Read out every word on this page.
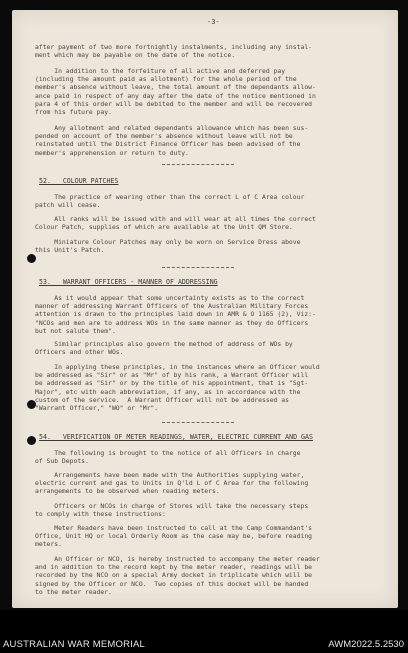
-3-
after payment of two more fortnightly instalments, including any instal-
ment which may be payable on the date of the notice.
In addition to the forfeiture of all active and deferred pay
(including the amount paid as allotment) for the whole period of the
member's absence without leave, the total amount of the dependants allow-
ance paid in respect of any day after the date of the notice mentioned in
para 4 of this order will be debited to the member and will be recovered
from his future pay.
Any allotment and related dependants allowance which has been sus-
pended on account of the member's absence without leave will not be
reinstated until the District Finance Officer has been advised of the
member's apprehension or return to duty.
52.   COLOUR PATCHES
The practice of wearing other than the correct L of C Area colour
patch will cease.
All ranks will be issued with and will wear at all times the correct
Colour Patch, supplies of which are available at the Unit QM Store.
Miniature Colour Patches may only be worn on Service Dress above
this Unit's Patch.
53.   WARRANT OFFICERS - MANNER OF ADDRESSING
As it would appear that some uncertainty exists as to the correct
manner of addressing Warrant Officers of the Australian Military Forces
attention is drawn to the principles laid down in AMR & O 1165 (2), Viz:-
"NCOs and men are to address WOs in the same manner as they do Officers
but not salute them".
Similar principles also govern the method of address of WOs by
Officers and other WOs.
In applying these principles, in the instances where an Officer would
be addressed as "Sir" or as "Mr" of by his rank, a Warrant Officer will
be addressed as "Sir" or by the title of his appointment, that is "Sgt-
Major", etc with each abbreviation, if any, as in accordance with the
custom of the service.  A Warrant Officer will not be addressed as
"Warrant Officer," "WO" or "Mr".
54.   VERIFICATION OF METER READINGS, WATER, ELECTRIC CURRENT AND GAS
The following is brought to the notice of all Officers in charge
of Sub Depots.
Arrangements have been made with the Authorities supplying water,
electric current and gas to Units in Q'ld L of C Area for the following
arrangements to be observed when reading meters.
Officers or NCOs in charge of Stores will take the necessary steps
to comply with these instructions:
Meter Readers have been instructed to call at the Camp Commandant's
Office, Unit HQ or local Orderly Room as the case may be, before reading
meters.
An Officer or NCO, is hereby instructed to accompany the meter reader
and in addition to the record kept by the meter reader, readings will be
recorded by the NCO on a special Army docket in triplicate which will be
signed by the Officer or NCO.  Two copies of this docket will be handed
to the meter reader.
AUSTRALIAN WAR MEMORIAL	AWM2022.5.2530
